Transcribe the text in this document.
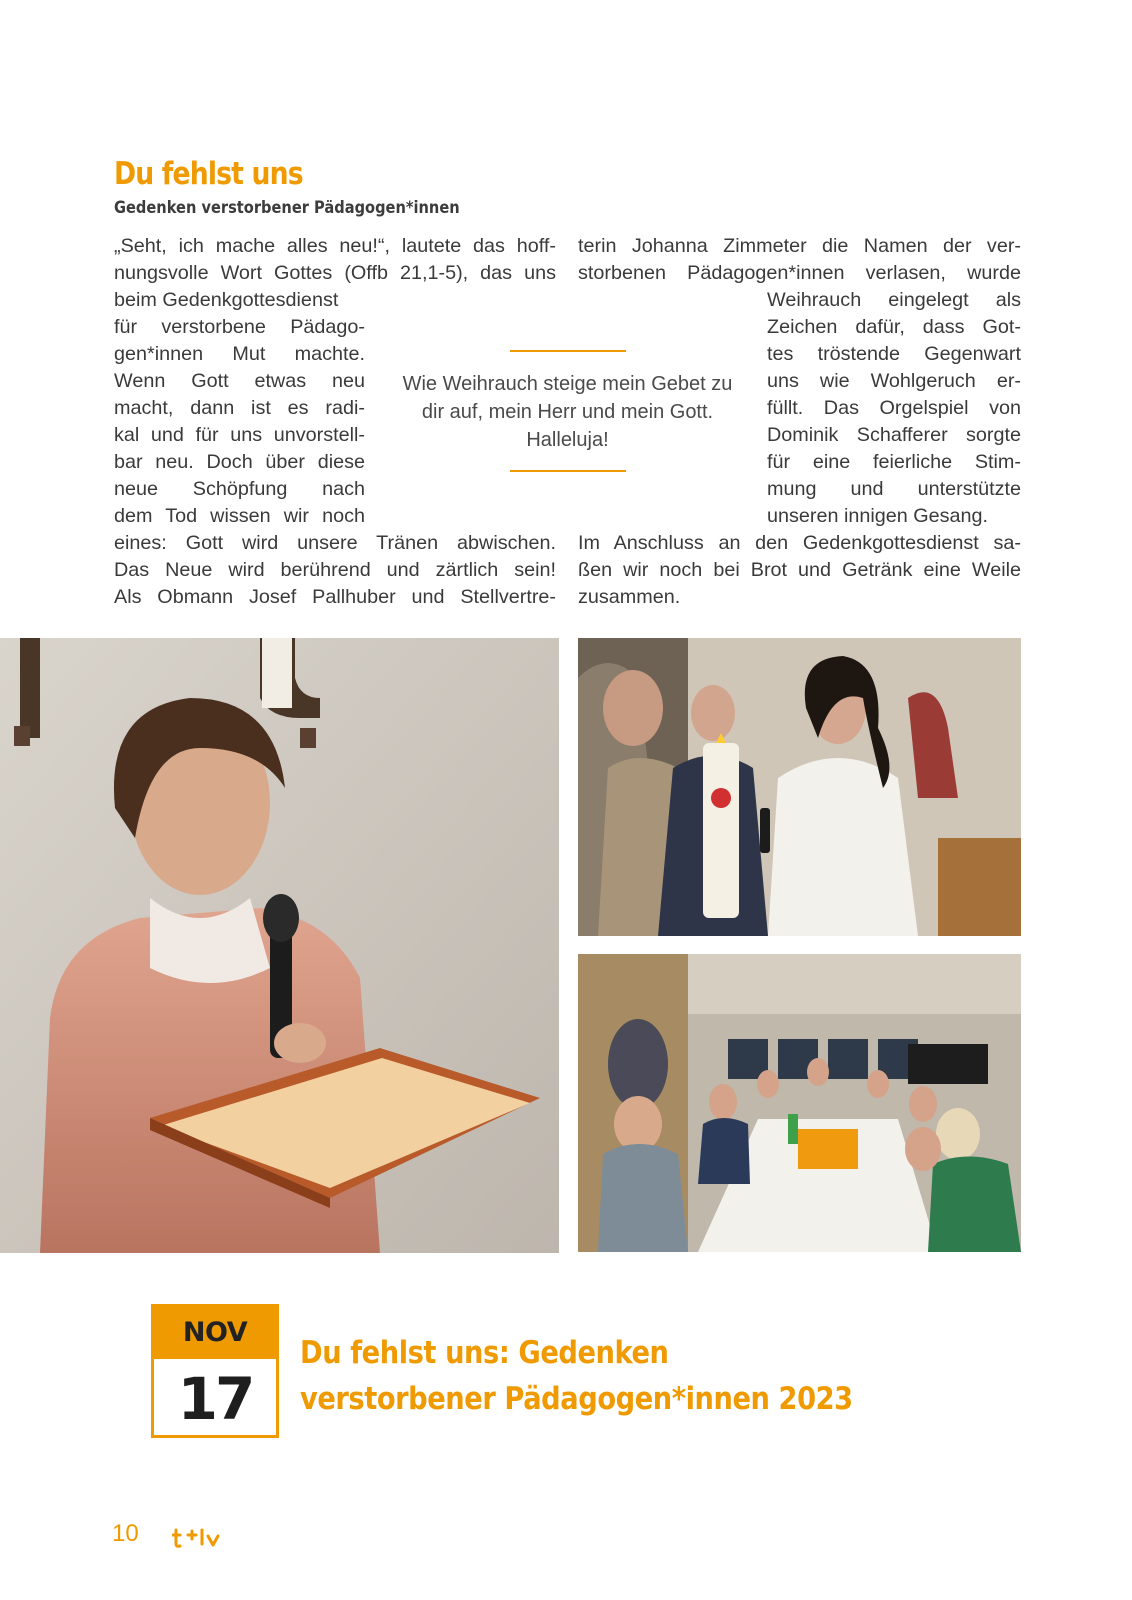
Du fehlst uns
Gedenken verstorbener Pädagogen*innen

„Seht, ich mache alles neu!“, lautete das hoff-

nungsvolle Wort Gottes (Offb 21,1-5), das uns

beim Gedenkgottesdienst

für verstorbene Pädago-

gen*innen Mut machte.

Wenn Gott etwas neu

macht, dann ist es radi-

kal und für uns unvorstell-

bar neu. Doch über diese

neue Schöpfung nach

dem Tod wissen wir noch

eines: Gott wird unsere Tränen abwischen.

Das Neue wird berührend und zärtlich sein!

Als Obmann Josef Pallhuber und Stellvertre-

terin Johanna Zimmeter die Namen der ver-

storbenen Pädagogen*innen verlasen, wurde

Weihrauch eingelegt als

Zeichen dafür, dass Got-

tes tröstende Gegenwart

uns wie Wohlgeruch er-

füllt. Das Orgelspiel von

Dominik Schafferer sorgte

für eine feierliche Stim-

mung und unterstützte

unseren innigen Gesang.

Im Anschluss an den Gedenkgottesdienst sa-

ßen wir noch bei Brot und Getränk eine Weile

zusammen.

Wie Weihrauch steige mein Gebet zu dir auf, mein Herr und mein Gott. Halleluja!

NOV
17
Du fehlst uns: Gedenken
verstorbener Pädagogen*innen 2023

10
